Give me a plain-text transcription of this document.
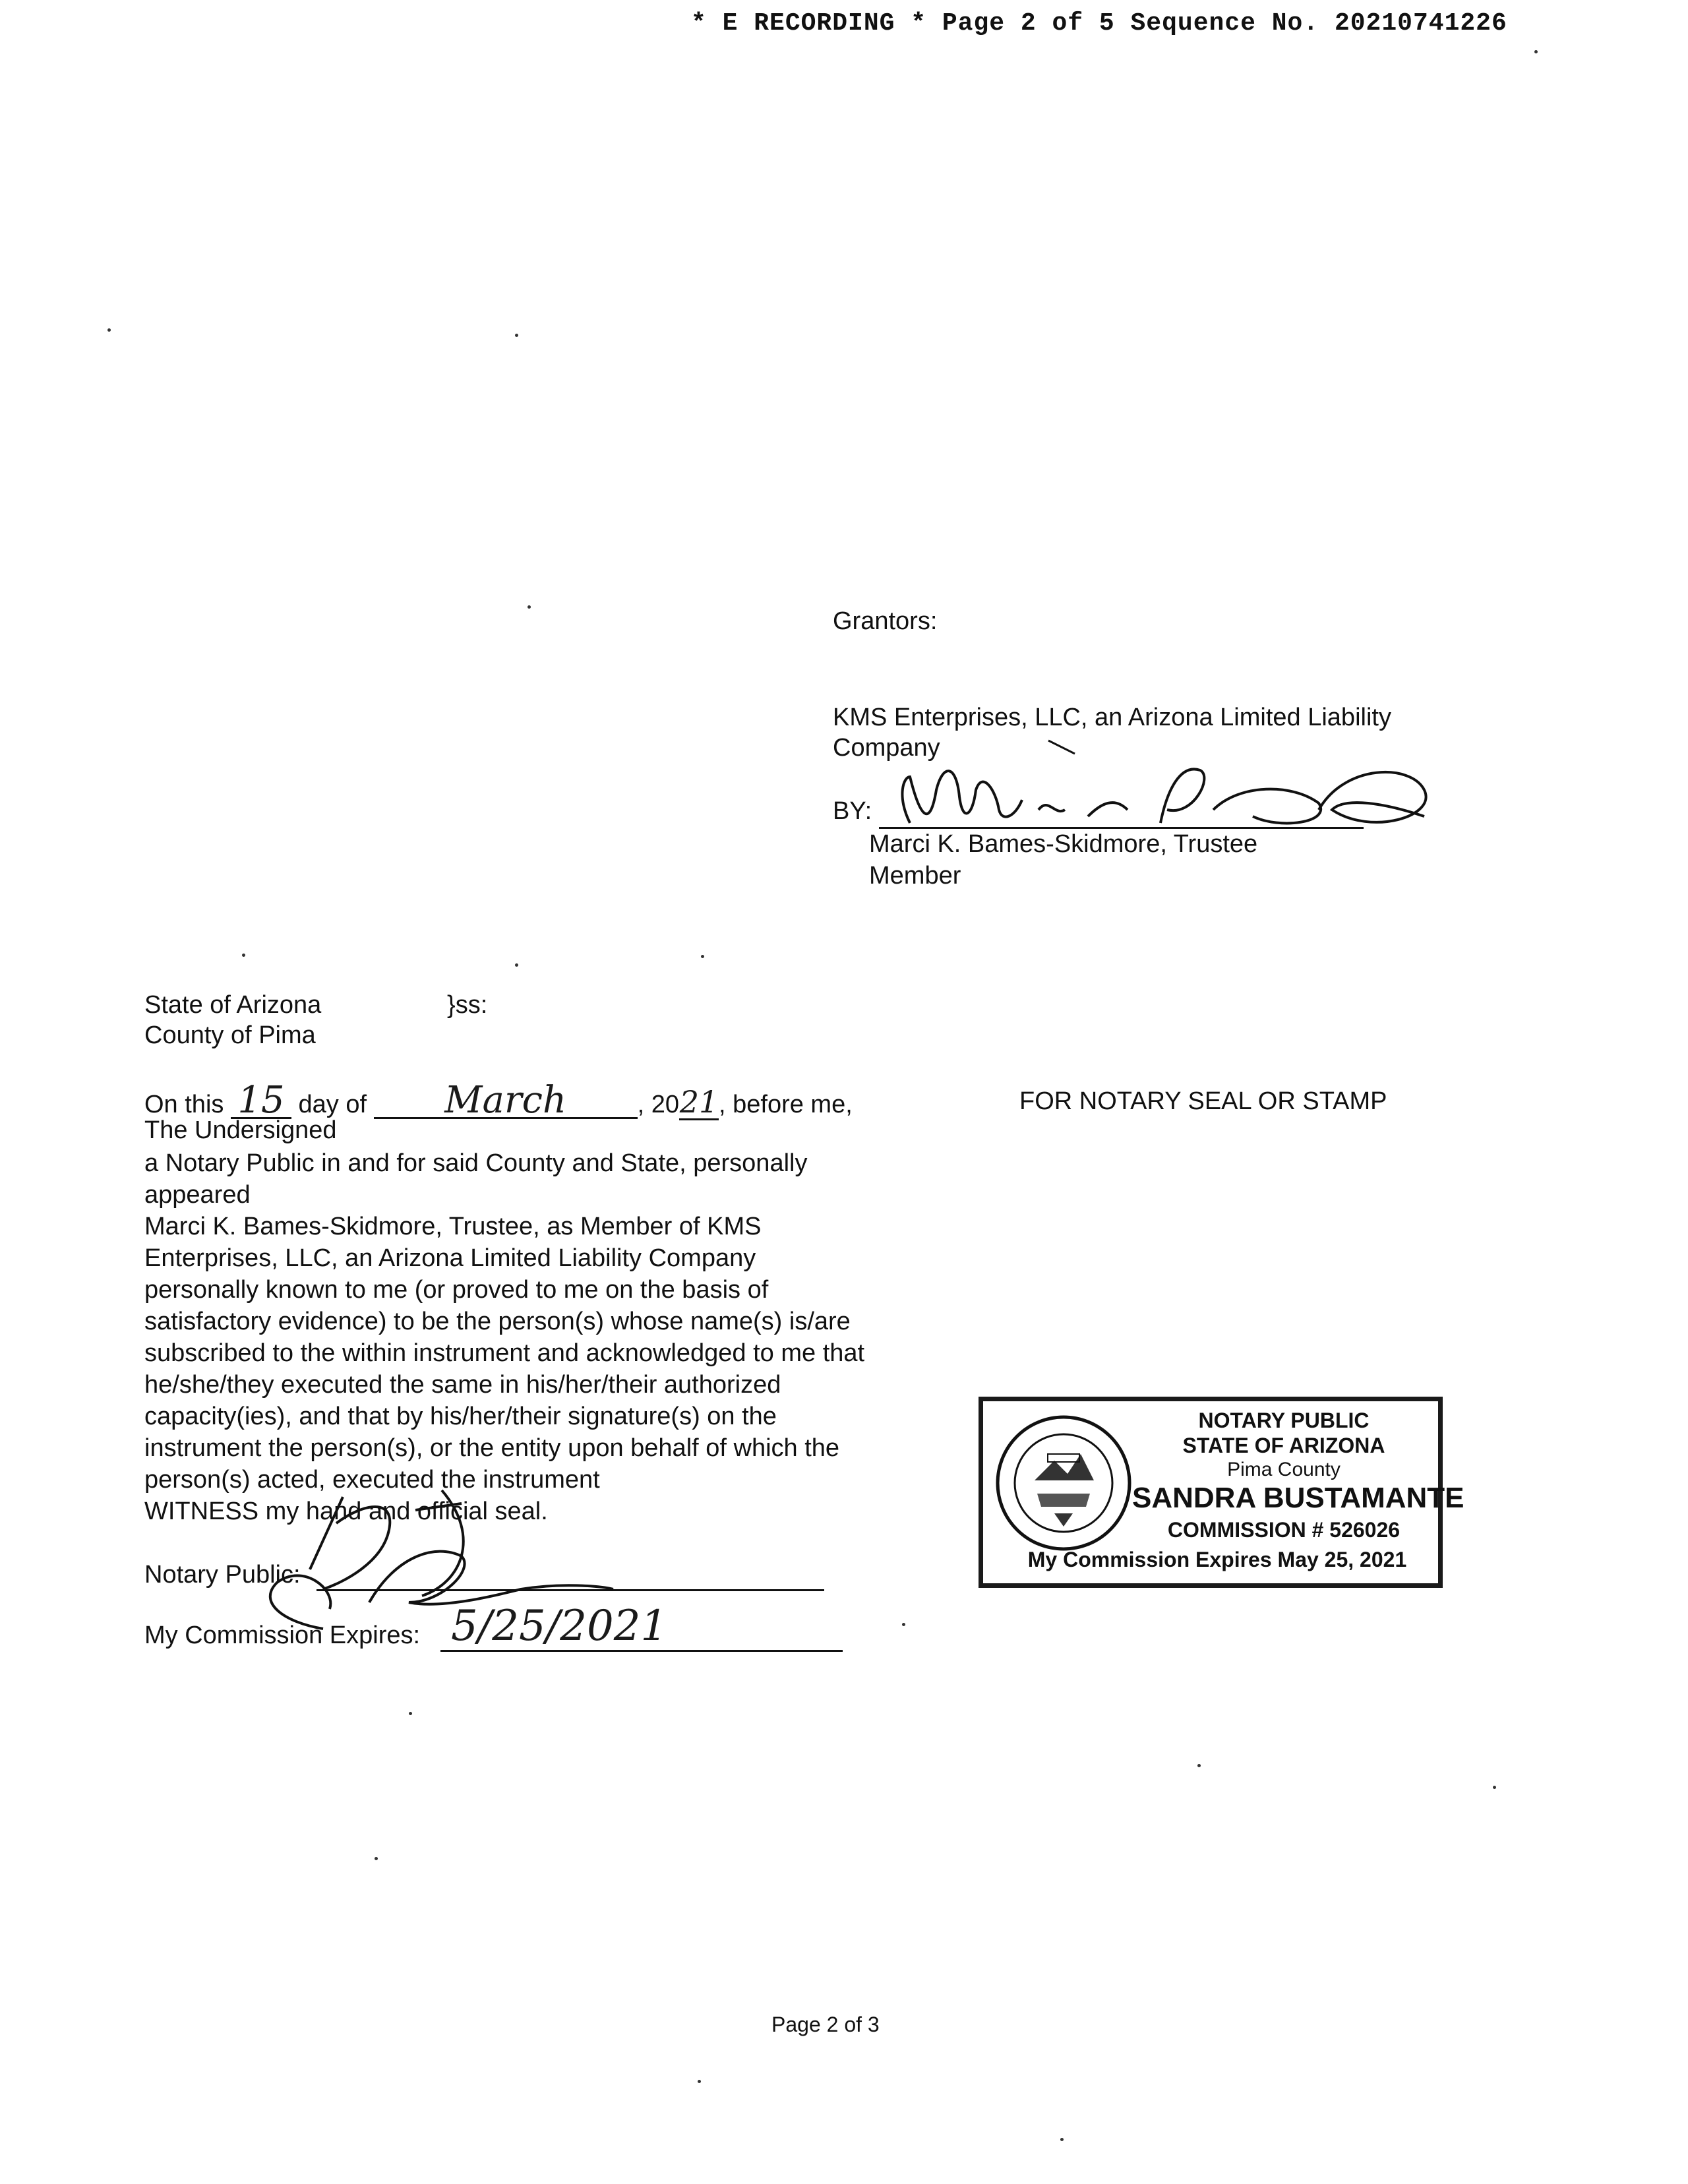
* E RECORDING * Page 2 of 5 Sequence No. 20210741226
Grantors:
KMS Enterprises, LLC, an Arizona Limited Liability
Company
BY:
Marci K. Bames-Skidmore, Trustee
Member
State of Arizona	}ss:
County of Pima
On this 15 day of March	, 2021, before me,
The Undersigned
a Notary Public in and for said County and State, personally
appeared
Marci K. Bames-Skidmore, Trustee, as Member of KMS
Enterprises, LLC, an Arizona Limited Liability Company
personally known to me (or proved to me on the basis of
satisfactory evidence) to be the person(s) whose name(s) is/are
subscribed to the within instrument and acknowledged to me that
he/she/they executed the same in his/her/their authorized
capacity(ies), and that by his/her/their signature(s) on the
instrument the person(s), or the entity upon behalf of which the
person(s) acted, executed the instrument
WITNESS my hand and official seal.
Notary Public:
My Commission Expires: 5/25/2021
FOR NOTARY SEAL OR STAMP
NOTARY PUBLIC
STATE OF ARIZONA
Pima County
SANDRA BUSTAMANTE
COMMISSION # 526026
My Commission Expires May 25, 2021
Page 2 of 3
